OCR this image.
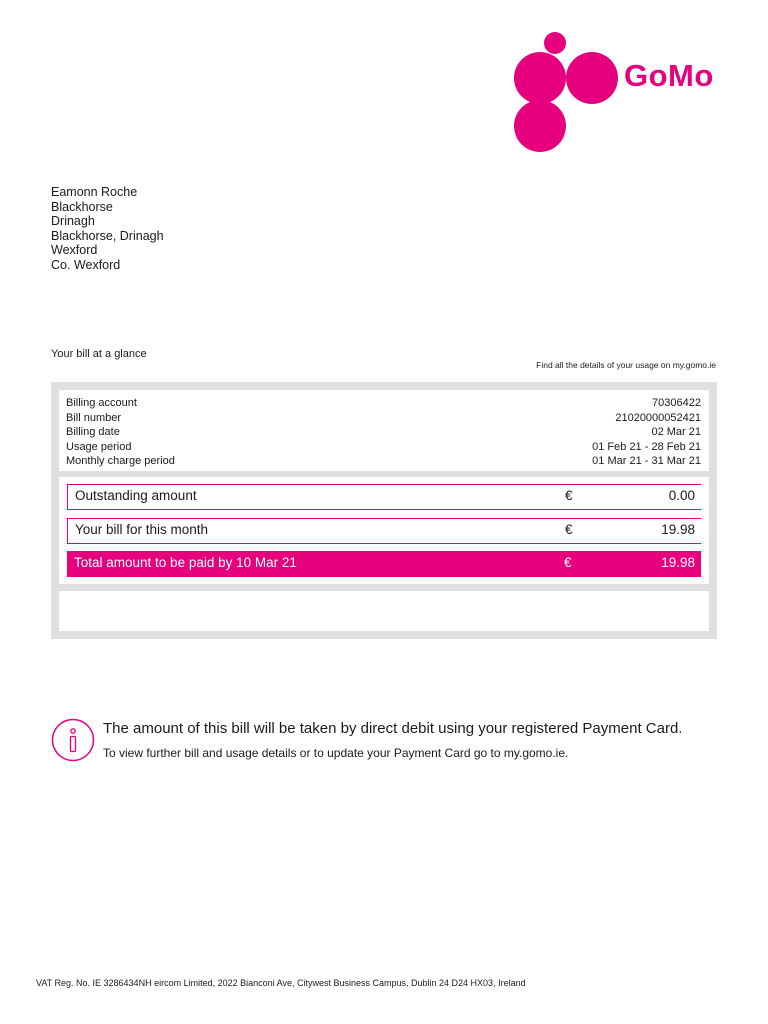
GoMo
Eamonn Roche
Blackhorse
Drinagh
Blackhorse, Drinagh
Wexford
Co. Wexford
Your bill at a glance
Find all the details of your usage on my.gomo.ie
Billing account	70306422
Bill number	21020000052421
Billing date	02 Mar 21
Usage period	01 Feb 21 - 28 Feb 21
Monthly charge period	01 Mar 21 - 31 Mar 21
Outstanding amount	€	0.00
Your bill for this month	€	19.98
Total amount to be paid by 10 Mar 21	€	19.98
The amount of this bill will be taken by direct debit using your registered Payment Card.
To view further bill and usage details or to update your Payment Card go to my.gomo.ie.
VAT Reg. No. IE 3286434NH eircom Limited, 2022 Bianconi Ave, Citywest Business Campus, Dublin 24 D24 HX03, Ireland
